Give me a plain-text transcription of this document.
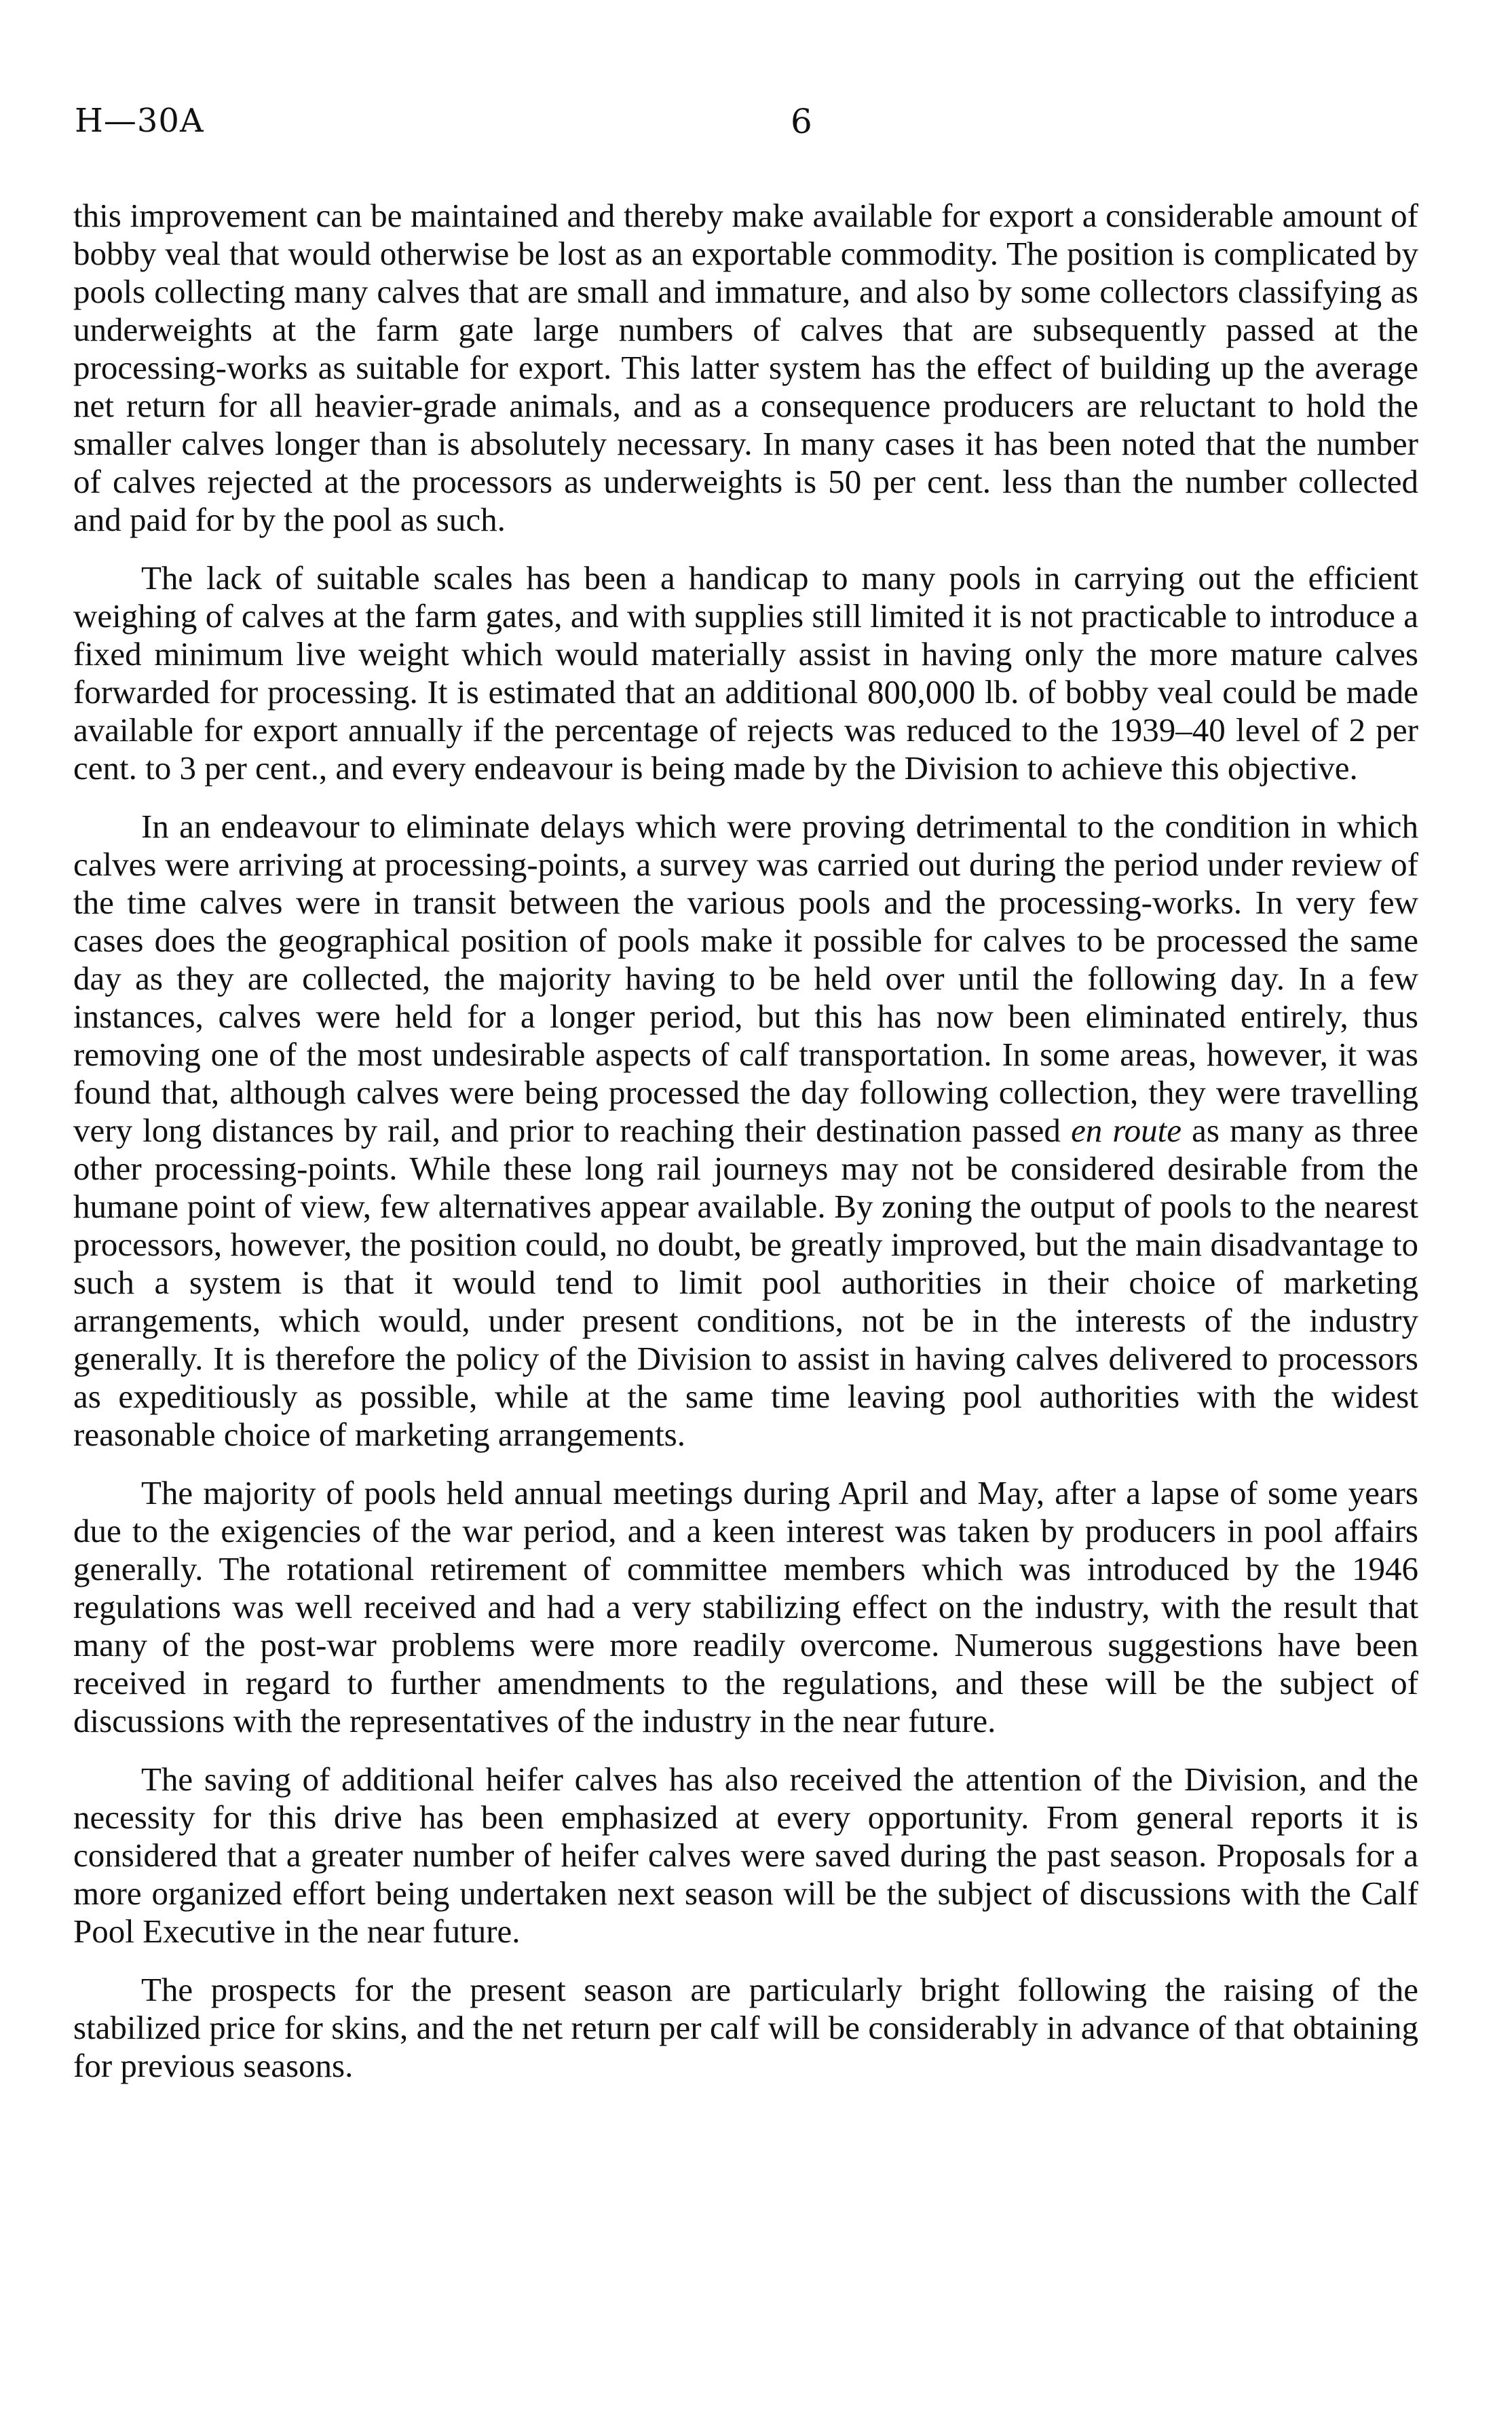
H—30A	6

this improvement can be maintained and thereby make available for export a considerable amount of bobby veal that would otherwise be lost as an exportable commodity. The position is complicated by pools collecting many calves that are small and immature, and also by some collectors classifying as underweights at the farm gate large numbers of calves that are subsequently passed at the processing-works as suitable for export. This latter system has the effect of building up the average net return for all heavier-grade animals, and as a consequence producers are reluctant to hold the smaller calves longer than is absolutely necessary. In many cases it has been noted that the number of calves rejected at the processors as underweights is 50 per cent. less than the number collected and paid for by the pool as such.

The lack of suitable scales has been a handicap to many pools in carrying out the efficient weighing of calves at the farm gates, and with supplies still limited it is not practicable to introduce a fixed minimum live weight which would materially assist in having only the more mature calves forwarded for processing. It is estimated that an additional 800,000 lb. of bobby veal could be made available for export annually if the percentage of rejects was reduced to the 1939–40 level of 2 per cent. to 3 per cent., and every endeavour is being made by the Division to achieve this objective.

In an endeavour to eliminate delays which were proving detrimental to the condition in which calves were arriving at processing-points, a survey was carried out during the period under review of the time calves were in transit between the various pools and the processing-works. In very few cases does the geographical position of pools make it possible for calves to be processed the same day as they are collected, the majority having to be held over until the following day. In a few instances, calves were held for a longer period, but this has now been eliminated entirely, thus removing one of the most undesirable aspects of calf transportation. In some areas, however, it was found that, although calves were being processed the day following collection, they were travelling very long distances by rail, and prior to reaching their destination passed en route as many as three other processing-points. While these long rail journeys may not be considered desirable from the humane point of view, few alternatives appear available. By zoning the output of pools to the nearest processors, however, the position could, no doubt, be greatly improved, but the main disadvantage to such a system is that it would tend to limit pool authorities in their choice of marketing arrangements, which would, under present conditions, not be in the interests of the industry generally. It is therefore the policy of the Division to assist in having calves delivered to processors as expeditiously as possible, while at the same time leaving pool authorities with the widest reasonable choice of marketing arrangements.

The majority of pools held annual meetings during April and May, after a lapse of some years due to the exigencies of the war period, and a keen interest was taken by producers in pool affairs generally. The rotational retirement of committee members which was introduced by the 1946 regulations was well received and had a very stabilizing effect on the industry, with the result that many of the post-war problems were more readily overcome. Numerous suggestions have been received in regard to further amendments to the regulations, and these will be the subject of discussions with the representatives of the industry in the near future.

The saving of additional heifer calves has also received the attention of the Division, and the necessity for this drive has been emphasized at every opportunity. From general reports it is considered that a greater number of heifer calves were saved during the past season. Proposals for a more organized effort being undertaken next season will be the subject of discussions with the Calf Pool Executive in the near future.

The prospects for the present season are particularly bright following the raising of the stabilized price for skins, and the net return per calf will be considerably in advance of that obtaining for previous seasons.
